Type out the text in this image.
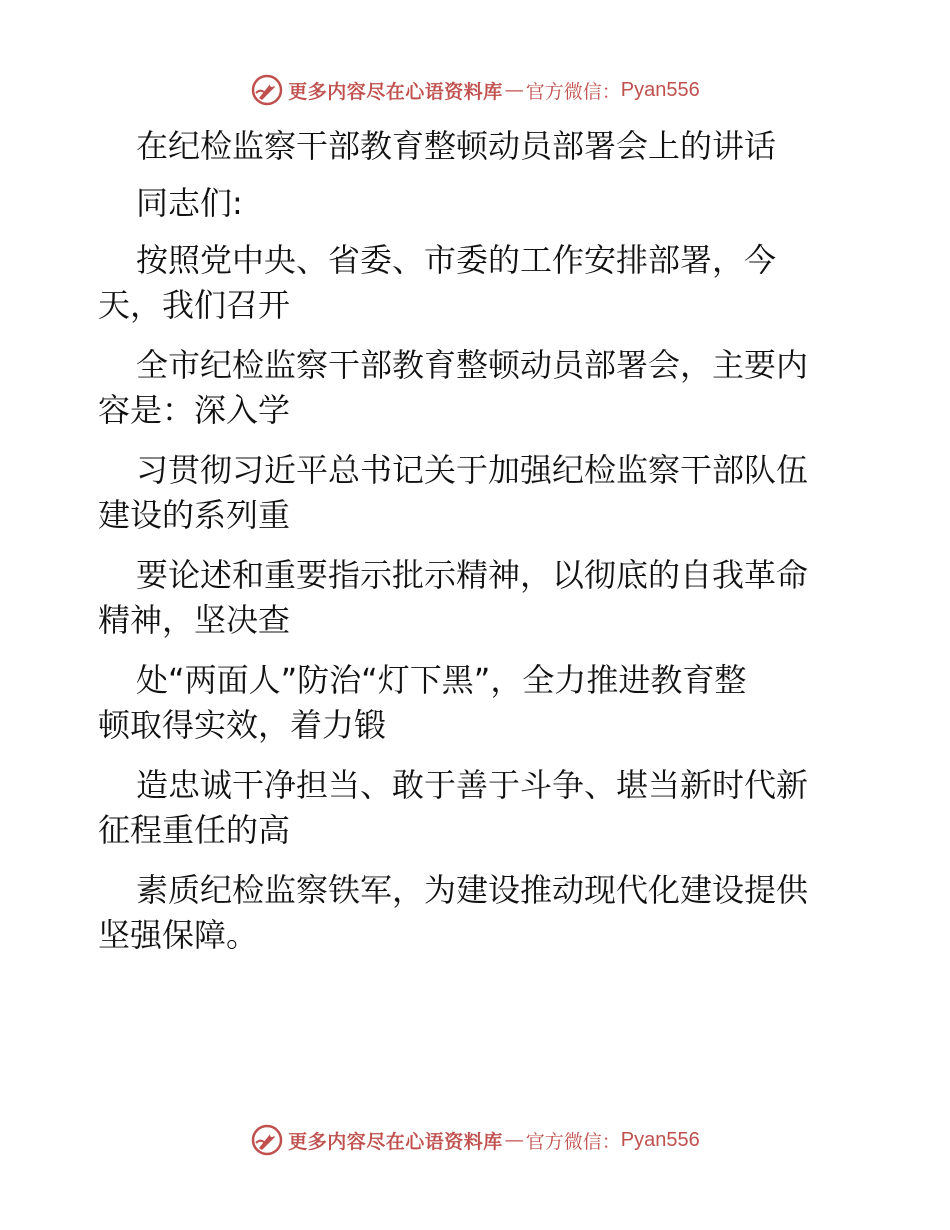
更多内容尽在心语资料库 — 官方微信： Pyan556
在纪检监察干部教育整顿动员部署会上的讲话
同志们:
按照党中央、省委、市委的工作安排部署，今
天，我们召开
全市纪检监察干部教育整顿动员部署会，主要内
容是：深入学
习贯彻习近平总书记关于加强纪检监察干部队伍
建设的系列重
要论述和重要指示批示精神，以彻底的自我革命
精神，坚决查
处“两面人”防治“灯下黑”，全力推进教育整
顿取得实效，着力锻
造忠诚干净担当、敢于善于斗争、堪当新时代新
征程重任的高
素质纪检监察铁军，为建设推动现代化建设提供
坚强保障。
更多内容尽在心语资料库 — 官方微信： Pyan556
